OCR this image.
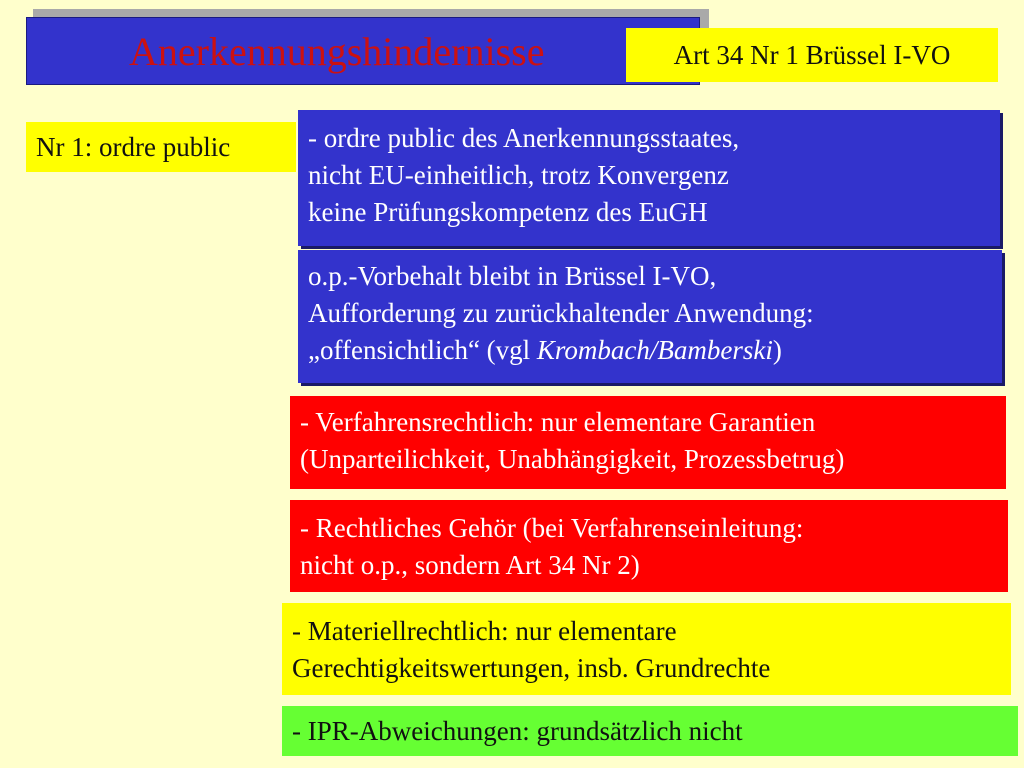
Anerkennungshindernisse	Art 34 Nr 1 Brüssel I-VO
Nr 1: ordre public	- ordre public des Anerkennungsstaates,
nicht EU-einheitlich, trotz Konvergenz
keine Prüfungskompetenz des EuGH
o.p.-Vorbehalt bleibt in Brüssel I-VO,
Aufforderung zu zurückhaltender Anwendung:
„offensichtlich“ (vgl Krombach/Bamberski)
- Verfahrensrechtlich: nur elementare Garantien
(Unparteilichkeit, Unabhängigkeit, Prozessbetrug)
- Rechtliches Gehör (bei Verfahrenseinleitung:
nicht o.p., sondern Art 34 Nr 2)
- Materiellrechtlich: nur elementare
Gerechtigkeitswertungen, insb. Grundrechte
- IPR-Abweichungen: grundsätzlich nicht
